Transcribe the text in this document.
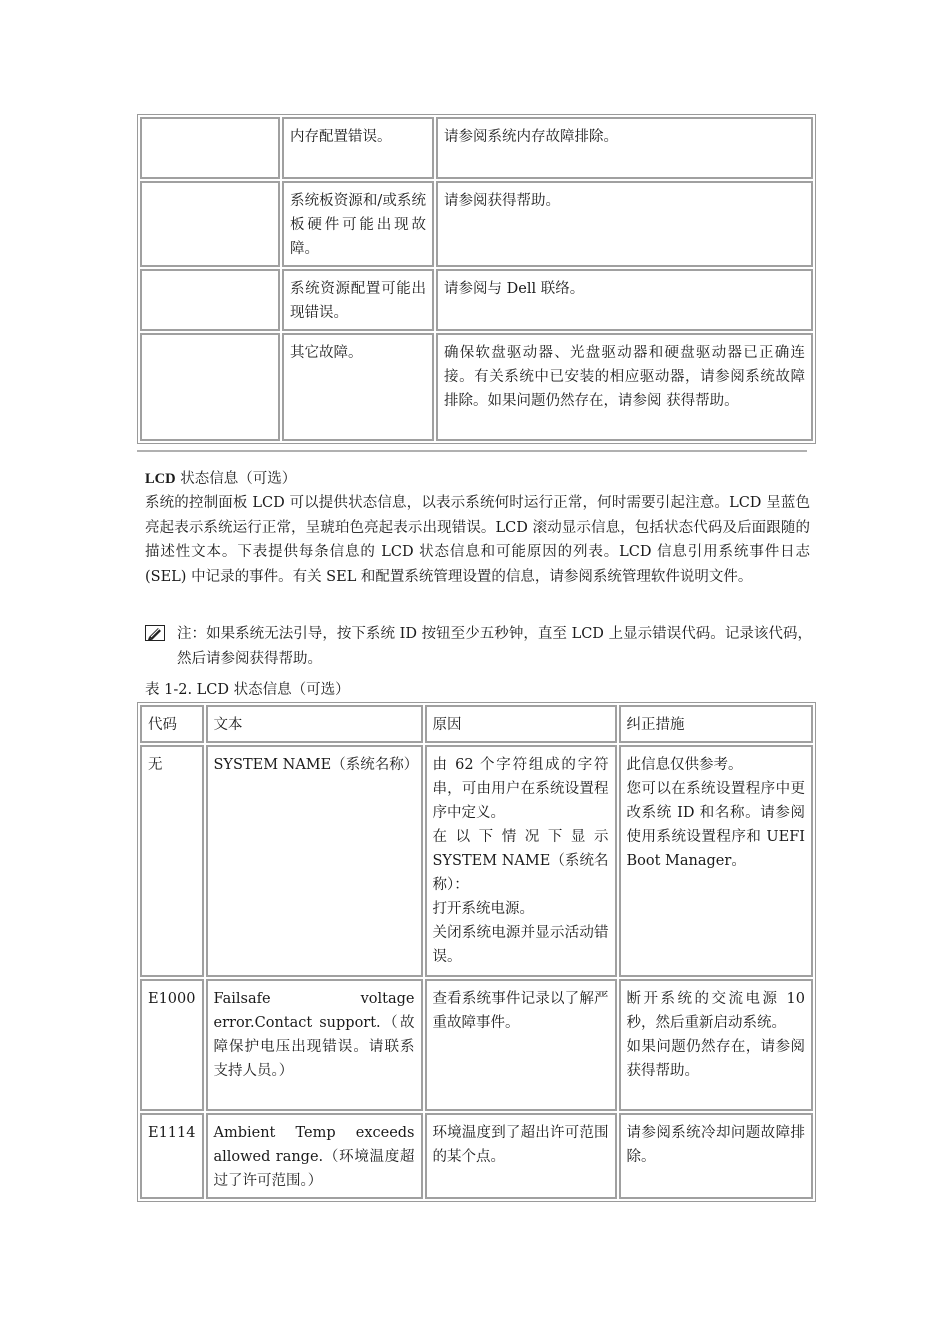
	内存配置错误。	请参阅系统内存故障排除。
	系统板资源和/或系统板硬件可能出现故障。	请参阅获得帮助。
	系统资源配置可能出现错误。	请参阅与 Dell 联络。
	其它故障。	确保软盘驱动器、光盘驱动器和硬盘驱动器已正确连接。有关系统中已安装的相应驱动器，请参阅系统故障排除。如果问题仍然存在，请参阅 获得帮助。
LCD 状态信息（可选）
系统的控制面板 LCD 可以提供状态信息，以表示系统何时运行正常，何时需要引起注意。LCD 呈蓝色亮起表示系统运行正常，呈琥珀色亮起表示出现错误。LCD 滚动显示信息，包括状态代码及后面跟随的描述性文本。下表提供每条信息的 LCD 状态信息和可能原因的列表。LCD 信息引用系统事件日志 (SEL) 中记录的事件。有关 SEL 和配置系统管理设置的信息，请参阅系统管理软件说明文件。
注：如果系统无法引导，按下系统 ID 按钮至少五秒钟，直至 LCD 上显示错误代码。记录该代码，然后请参阅获得帮助。
表 1-2. LCD 状态信息（可选）
代码	文本	原因	纠正措施
无	SYSTEM NAME（系统名称）	由 62 个字符组成的字符串，可由用户在系统设置程序中定义。
在以下情况下显示 SYSTEM NAME（系统名称）：
打开系统电源。
关闭系统电源并显示活动错误。	此信息仅供参考。
您可以在系统设置程序中更改系统 ID 和名称。请参阅使用系统设置程序和 UEFI Boot Manager。

E1000	Failsafe voltage error.Contact support.（故障保护电压出现错误。请联系支持人员。）	查看系统事件记录以了解严重故障事件。	断开系统的交流电源 10 秒，然后重新启动系统。
如果问题仍然存在，请参阅获得帮助。

E1114	Ambient Temp exceeds allowed range.（环境温度超过了许可范围。）	环境温度到了超出许可范围的某个点。	请参阅系统冷却问题故障排除。
